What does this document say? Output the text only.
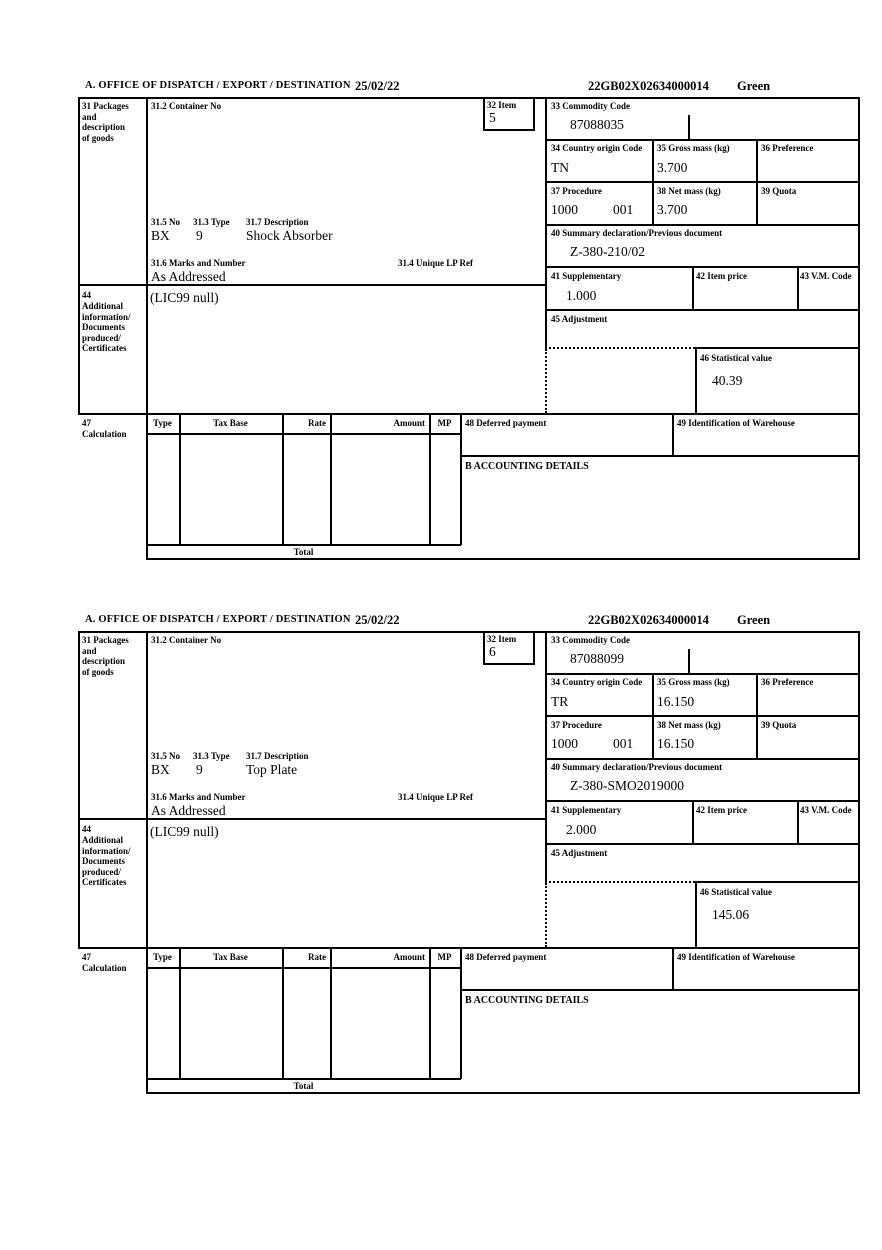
A. OFFICE OF DISPATCH / EXPORT / DESTINATION 25/02/22	22GB02X02634000014 Green
31 Packages and description of goods
44
Additional information/ Documents produced/ Certificates
47 Calculation
31.2 Container No	32 Item
5
33 Commodity Code
87088035
34 Country origin Code
TN
35 Gross mass (kg)
3.700
36 Preference
37 Procedure
1000	001
38 Net mass (kg)
3.700
39 Quota
40 Summary declaration/Previous document
Z-380-210/02
41 Supplementary
1.000
42 Item price	43 V.M. Code
45 Adjustment
46 Statistical value
40.39
31.5 No 31.3 Type 31.7 Description
BX 9	Shock Absorber
31.6 Marks and Number	31.4 Unique LP Ref
As Addressed
(LIC99 null)
Type	Tax Base	Rate	Amount	MP
Total
48 Deferred payment	49 Identification of Warehouse
B ACCOUNTING DETAILS
A. OFFICE OF DISPATCH / EXPORT / DESTINATION 25/02/22	22GB02X02634000014 Green
31 Packages and description of goods
44
Additional information/ Documents produced/ Certificates
47 Calculation
31.2 Container No	32 Item
6
33 Commodity Code
87088099
34 Country origin Code
TR
35 Gross mass (kg)
16.150
36 Preference
37 Procedure
1000	001
38 Net mass (kg)
16.150
39 Quota
40 Summary declaration/Previous document
Z-380-SMO2019000
41 Supplementary
2.000
42 Item price	43 V.M. Code
45 Adjustment
46 Statistical value
145.06
31.5 No 31.3 Type 31.7 Description
BX 9	Top Plate
31.6 Marks and Number	31.4 Unique LP Ref
As Addressed
(LIC99 null)
Type	Tax Base	Rate	Amount	MP
Total
48 Deferred payment	49 Identification of Warehouse
B ACCOUNTING DETAILS
